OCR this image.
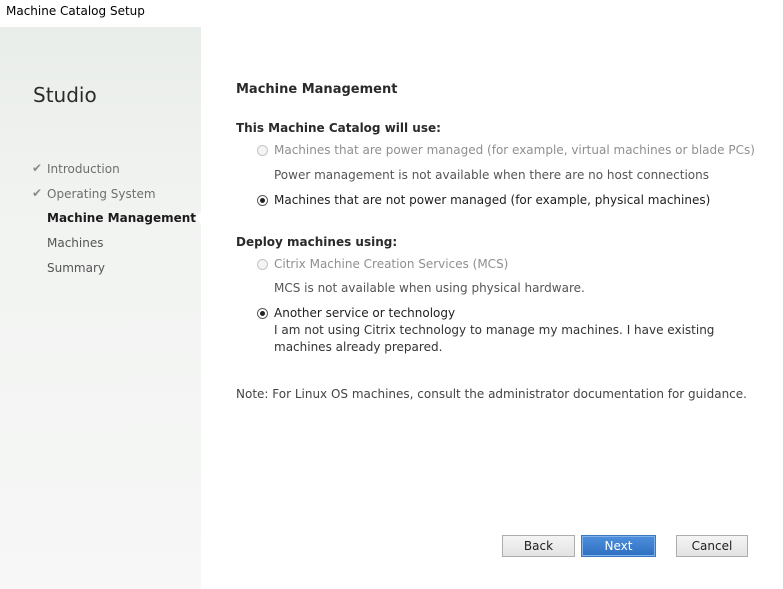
Machine Catalog Setup
Studio
✔ Introduction
✔ Operating System
Machine Management
Machines
Summary
Machine Management
This Machine Catalog will use:
Machines that are power managed (for example, virtual machines or blade PCs)
Power management is not available when there are no host connections
Machines that are not power managed (for example, physical machines)
Deploy machines using:
Citrix Machine Creation Services (MCS)
MCS is not available when using physical hardware.
Another service or technology
I am not using Citrix technology to manage my machines. I have existing machines already prepared.
Note: For Linux OS machines, consult the administrator documentation for guidance.
Back	Next	Cancel
